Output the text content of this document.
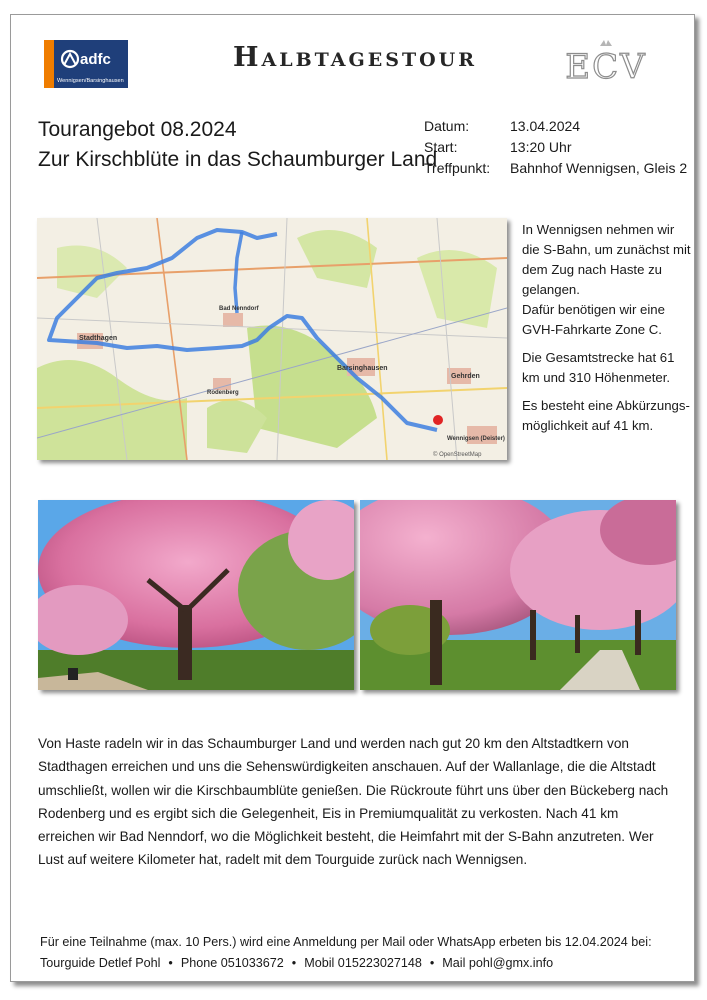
adfc
Wennigsen/Barsinghausen
Halbtagestour	ECV
Tourangebot 08.2024
Zur Kirschblüte in das Schaumburger Land
Datum:	13.04.2024
Start:	13:20 Uhr
Treffpunkt:	Bahnhof Wennigsen, Gleis 2
Stadthagen
Bad Nenndorf
Rodenberg
Barsinghausen
Gehrden
Wennigsen (Deister)
© OpenStreetMap

In Wennigsen nehmen wir die S-Bahn, um zunächst mit dem Zug nach Haste zu gelangen.
Dafür benötigen wir eine GVH-Fahrkarte Zone C.

Die Gesamtstrecke hat 61 km und 310 Höhenmeter.

Es besteht eine Abkürzungs-möglichkeit auf 41 km.

Von Haste radeln wir in das Schaumburger Land und werden nach gut 20 km den Altstadtkern von Stadthagen erreichen und uns die Sehenswürdigkeiten anschauen. Auf der Wallanlage, die die Altstadt umschließt, wollen wir die Kirschbaumblüte genießen. Die Rückroute führt uns über den Bückeberg nach Rodenberg und es ergibt sich die Gelegenheit, Eis in Premiumqualität zu verkosten. Nach 41 km erreichen wir Bad Nenndorf, wo die Möglichkeit besteht, die Heimfahrt mit der S-Bahn anzutreten. Wer Lust auf weitere Kilometer hat, radelt mit dem Tourguide zurück nach Wennigsen.
Für eine Teilnahme (max. 10 Pers.) wird eine Anmeldung per Mail oder WhatsApp erbeten bis 12.04.2024 bei:
Tourguide Detlef Pohl • Phone 051033672 • Mobil 015223027148 • Mail pohl@gmx.info
